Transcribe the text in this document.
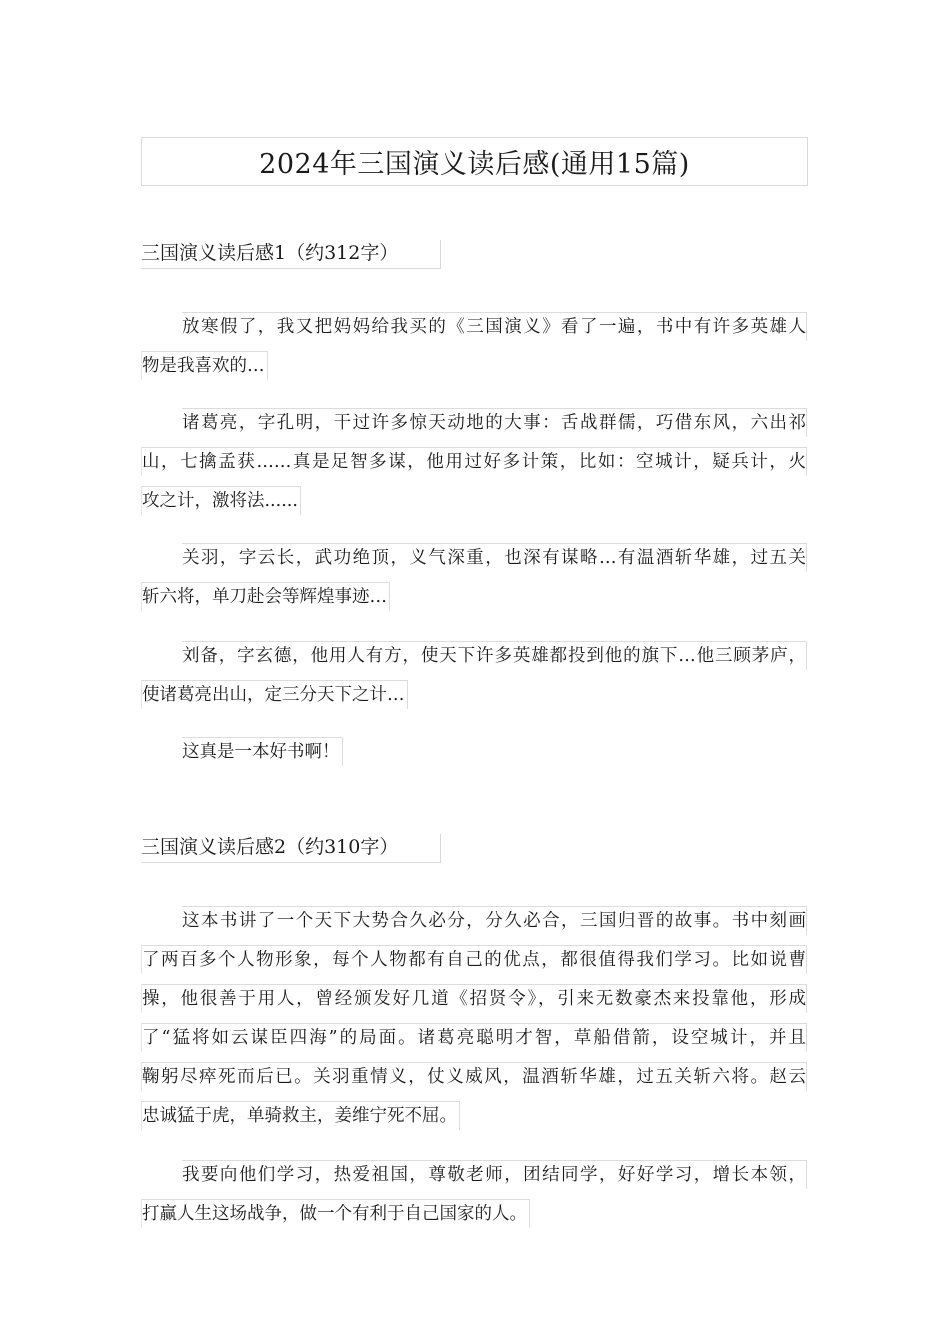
2024年三国演义读后感(通用15篇)
三国演义读后感1（约312字）
放寒假了，我又把妈妈给我买的《三国演义》看了一遍，书中有许多英雄人
物是我喜欢的…
诸葛亮，字孔明，干过许多惊天动地的大事：舌战群儒，巧借东风，六出祁
山，七擒孟获……真是足智多谋，他用过好多计策，比如：空城计，疑兵计，火
攻之计，激将法......
关羽，字云长，武功绝顶，义气深重，也深有谋略…有温酒斩华雄，过五关
斩六将，单刀赴会等辉煌事迹…
刘备，字玄德，他用人有方，使天下许多英雄都投到他的旗下…他三顾茅庐，
使诸葛亮出山，定三分天下之计…
这真是一本好书啊！
三国演义读后感2（约310字）
这本书讲了一个天下大势合久必分，分久必合，三国归晋的故事。书中刻画
了两百多个人物形象，每个人物都有自己的优点，都很值得我们学习。比如说曹
操，他很善于用人，曾经颁发好几道《招贤令》，引来无数豪杰来投靠他，形成
了“猛将如云谋臣四海”的局面。诸葛亮聪明才智，草船借箭，设空城计，并且
鞠躬尽瘁死而后已。关羽重情义，仗义威风，温酒斩华雄，过五关斩六将。赵云
忠诚猛于虎，单骑救主，姜维宁死不屈。
我要向他们学习，热爱祖国，尊敬老师，团结同学，好好学习，增长本领，
打赢人生这场战争，做一个有利于自己国家的人。
